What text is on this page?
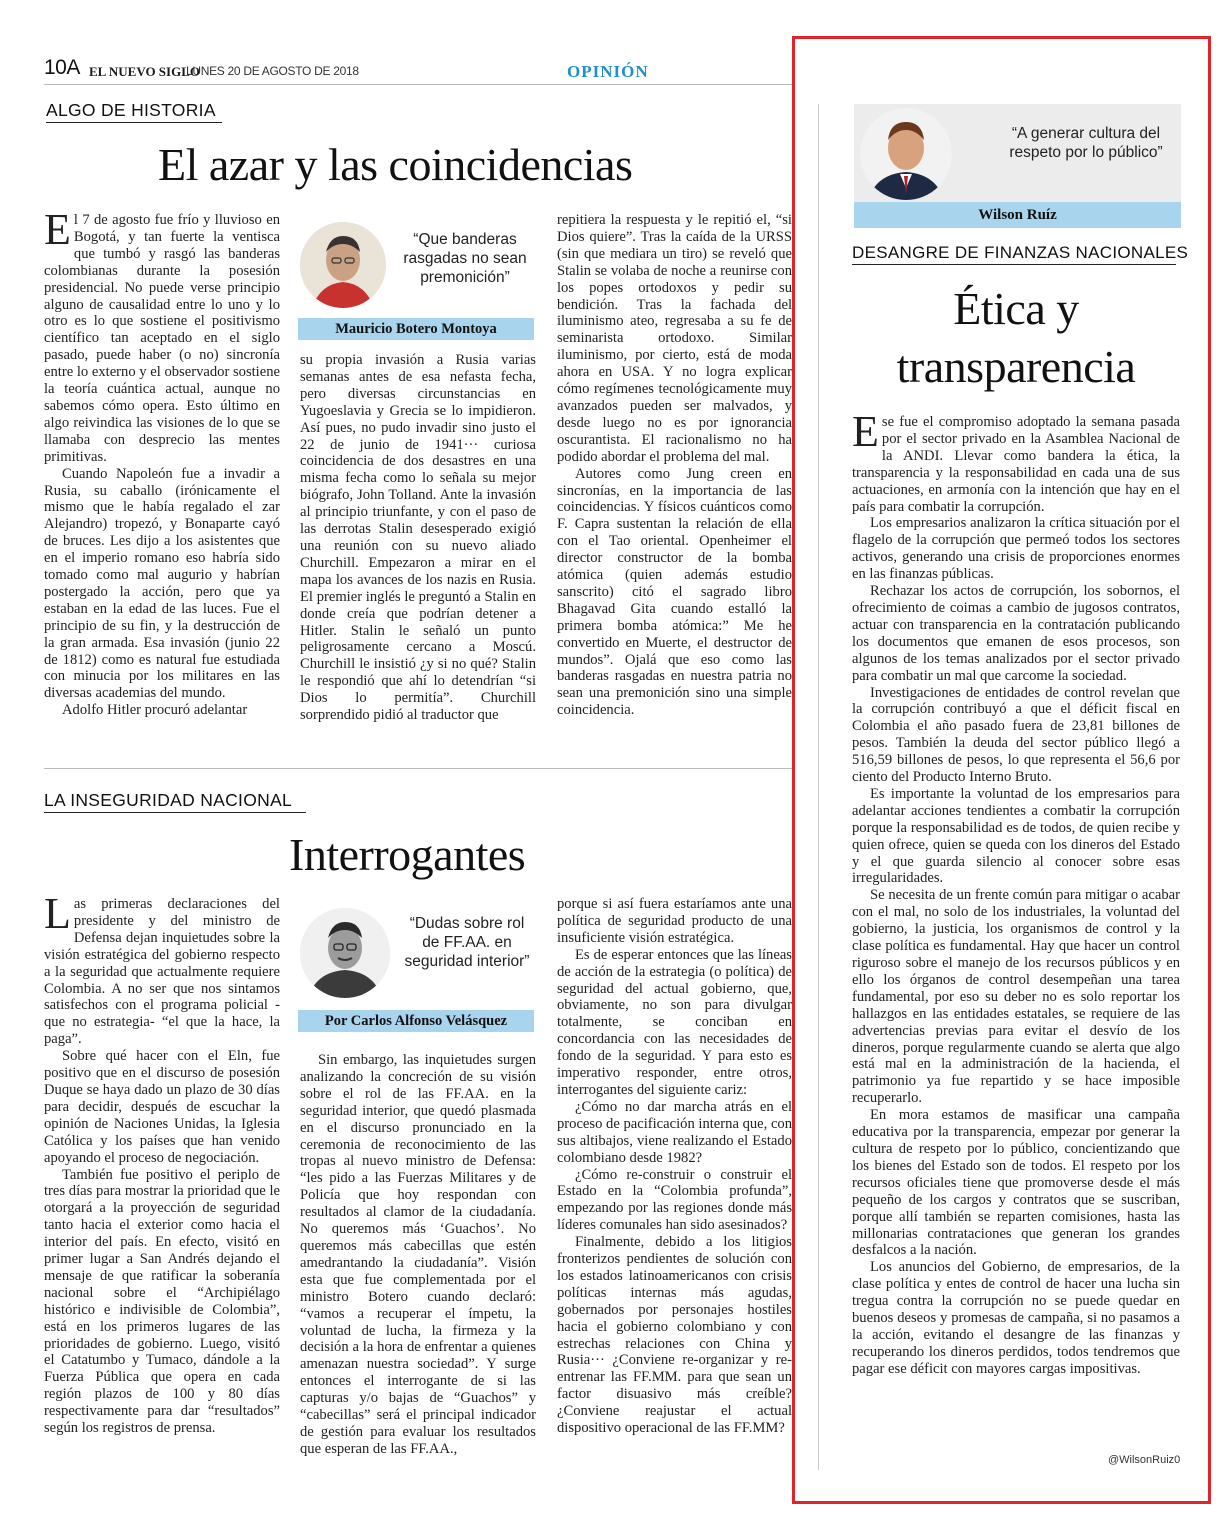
10A EL NUEVO SIGLO
LUNES 20 DE AGOSTO DE 2018	OPINIÓN
ALGO DE HISTORIA
El azar y las coincidencias

El 7 de agosto fue frío y lluvioso en Bogotá, y tan fuerte la ventisca que tumbó y rasgó las banderas colombianas durante la posesión presidencial. No puede verse principio alguno de causalidad entre lo uno y lo otro es lo que sostiene el positivismo científico tan aceptado en el siglo pasado, puede haber (o no) sincronía entre lo externo y el observador sostiene la teoría cuántica actual, aunque no sabemos cómo opera. Esto último en algo reivindica las visiones de lo que se llamaba con desprecio las mentes primitivas.

Cuando Napoleón fue a invadir a Rusia, su caballo (irónicamente el mismo que le había regalado el zar Alejandro) tropezó, y Bonaparte cayó de bruces. Les dijo a los asistentes que en el imperio romano eso habría sido tomado como mal augurio y habrían postergado la acción, pero que ya estaban en la edad de las luces. Fue el principio de su fin, y la destrucción de la gran armada. Esa invasión (junio 22 de 1812) como es natural fue estudiada con minucia por los militares en las diversas academias del mundo.

Adolfo Hitler procuró adelantar

“Que banderas rasgadas no sean premonición”
Mauricio Botero Montoya

su propia invasión a Rusia varias semanas antes de esa nefasta fecha, pero diversas circunstancias en Yugoeslavia y Grecia se lo impidieron. Así pues, no pudo invadir sino justo el 22 de junio de 1941··· curiosa coincidencia de dos desastres en una misma fecha como lo señala su mejor biógrafo, John Tolland. Ante la invasión al principio triunfante, y con el paso de las derrotas Stalin desesperado exigió una reunión con su nuevo aliado Churchill. Empezaron a mirar en el mapa los avances de los nazis en Rusia. El premier inglés le preguntó a Stalin en donde creía que podrían detener a Hitler. Stalin le señaló un punto peligrosamente cercano a Moscú. Churchill le insistió ¿y si no qué? Stalin le respondió que ahí lo detendrían “si Dios lo permitía”. Churchill sorprendido pidió al traductor que

repitiera la respuesta y le repitió el, “si Dios quiere”. Tras la caída de la URSS (sin que mediara un tiro) se reveló que Stalin se volaba de noche a reunirse con los popes ortodoxos y pedir su bendición. Tras la fachada del iluminismo ateo, regresaba a su fe de seminarista ortodoxo. Similar iluminismo, por cierto, está de moda ahora en USA. Y no logra explicar cómo regímenes tecnológicamente muy avanzados pueden ser malvados, y desde luego no es por ignorancia oscurantista. El racionalismo no ha podido abordar el problema del mal.

Autores como Jung creen en sincronías, en la importancia de las coincidencias. Y físicos cuánticos como F. Capra sustentan la relación de ella con el Tao oriental. Openheimer el director constructor de la bomba atómica (quien además estudio sanscrito) citó el sagrado libro Bhagavad Gita cuando estalló la primera bomba atómica:” Me he convertido en Muerte, el destructor de mundos”. Ojalá que eso como las banderas rasgadas en nuestra patria no sean una premonición sino una simple coincidencia.

LA INSEGURIDAD NACIONAL
Interrogantes

Las primeras declaraciones del presidente y del ministro de Defensa dejan inquietudes sobre la visión estratégica del gobierno respecto a la seguridad que actualmente requiere Colombia. A no ser que nos sintamos satisfechos con el programa policial -que no estrategia- “el que la hace, la paga”.

Sobre qué hacer con el Eln, fue positivo que en el discurso de posesión Duque se haya dado un plazo de 30 días para decidir, después de escuchar la opinión de Naciones Unidas, la Iglesia Católica y los países que han venido apoyando el proceso de negociación.

También fue positivo el periplo de tres días para mostrar la prioridad que le otorgará a la proyección de seguridad tanto hacia el exterior como hacia el interior del país. En efecto, visitó en primer lugar a San Andrés dejando el mensaje de que ratificar la soberanía nacional sobre el “Archipiélago histórico e indivisible de Colombia”, está en los primeros lugares de las prioridades de gobierno. Luego, visitó el Catatumbo y Tumaco, dándole a la Fuerza Pública que opera en cada región plazos de 100 y 80 días respectivamente para dar “resultados” según los registros de prensa.

“Dudas sobre rol de FF.AA. en seguridad interior”
Por Carlos Alfonso Velásquez

Sin embargo, las inquietudes surgen analizando la concreción de su visión sobre el rol de las FF.AA. en la seguridad interior, que quedó plasmada en el discurso pronunciado en la ceremonia de reconocimiento de las tropas al nuevo ministro de Defensa: “les pido a las Fuerzas Militares y de Policía que hoy respondan con resultados al clamor de la ciudadanía. No queremos más ‘Guachos’. No queremos más cabecillas que estén amedrantando la ciudadanía”. Visión esta que fue complementada por el ministro Botero cuando declaró: “vamos a recuperar el ímpetu, la voluntad de lucha, la firmeza y la decisión a la hora de enfrentar a quienes amenazan nuestra sociedad”. Y surge entonces el interrogante de si las capturas y/o bajas de “Guachos” y “cabecillas” será el principal indicador de gestión para evaluar los resultados que esperan de las FF.AA.,

porque si así fuera estaríamos ante una política de seguridad producto de una insuficiente visión estratégica.

Es de esperar entonces que las líneas de acción de la estrategia (o política) de seguridad del actual gobierno, que, obviamente, no son para divulgar totalmente, se conciban en concordancia con las necesidades de fondo de la seguridad. Y para esto es imperativo responder, entre otros, interrogantes del siguiente cariz:

¿Cómo no dar marcha atrás en el proceso de pacificación interna que, con sus altibajos, viene realizando el Estado colombiano desde 1982?

¿Cómo re-construir o construir el Estado en la “Colombia profunda”, empezando por las regiones donde más líderes comunales han sido asesinados?

Finalmente, debido a los litigios fronterizos pendientes de solución con los estados latinoamericanos con crisis políticas internas más agudas, gobernados por personajes hostiles hacia el gobierno colombiano y con estrechas relaciones con China y Rusia··· ¿Conviene re-organizar y re-entrenar las FF.MM. para que sean un factor disuasivo más creíble? ¿Conviene reajustar el actual dispositivo operacional de las FF.MM?

“A generar cultura del respeto por lo público”
Wilson Ruíz
DESANGRE DE FINANZAS NACIONALES
Ética y
transparencia

Ese fue el compromiso adoptado la semana pasada por el sector privado en la Asamblea Nacional de la ANDI. Llevar como bandera la ética, la transparencia y la responsabilidad en cada una de sus actuaciones, en armonía con la intención que hay en el país para combatir la corrupción.

Los empresarios analizaron la crítica situación por el flagelo de la corrupción que permeó todos los sectores activos, generando una crisis de proporciones enormes en las finanzas públicas.

Rechazar los actos de corrupción, los sobornos, el ofrecimiento de coimas a cambio de jugosos contratos, actuar con transparencia en la contratación publicando los documentos que emanen de esos procesos, son algunos de los temas analizados por el sector privado para combatir un mal que carcome la sociedad.

Investigaciones de entidades de control revelan que la corrupción contribuyó a que el déficit fiscal en Colombia el año pasado fuera de 23,81 billones de pesos. También la deuda del sector público llegó a 516,59 billones de pesos, lo que representa el 56,6 por ciento del Producto Interno Bruto.

Es importante la voluntad de los empresarios para adelantar acciones tendientes a combatir la corrupción porque la responsabilidad es de todos, de quien recibe y quien ofrece, quien se queda con los dineros del Estado y el que guarda silencio al conocer sobre esas irregularidades.

Se necesita de un frente común para mitigar o acabar con el mal, no solo de los industriales, la voluntad del gobierno, la justicia, los organismos de control y la clase política es fundamental. Hay que hacer un control riguroso sobre el manejo de los recursos públicos y en ello los órganos de control desempeñan una tarea fundamental, por eso su deber no es solo reportar los hallazgos en las entidades estatales, se requiere de las advertencias previas para evitar el desvío de los dineros, porque regularmente cuando se alerta que algo está mal en la administración de la hacienda, el patrimonio ya fue repartido y se hace imposible recuperarlo.

En mora estamos de masificar una campaña educativa por la transparencia, empezar por generar la cultura de respeto por lo público, concientizando que los bienes del Estado son de todos. El respeto por los recursos oficiales tiene que promoverse desde el más pequeño de los cargos y contratos que se suscriban, porque allí también se reparten comisiones, hasta las millonarias contrataciones que generan los grandes desfalcos a la nación.

Los anuncios del Gobierno, de empresarios, de la clase política y entes de control de hacer una lucha sin tregua contra la corrupción no se puede quedar en buenos deseos y promesas de campaña, si no pasamos a la acción, evitando el desangre de las finanzas y recuperando los dineros perdidos, todos tendremos que pagar ese déficit con mayores cargas impositivas.

@WilsonRuiz0
